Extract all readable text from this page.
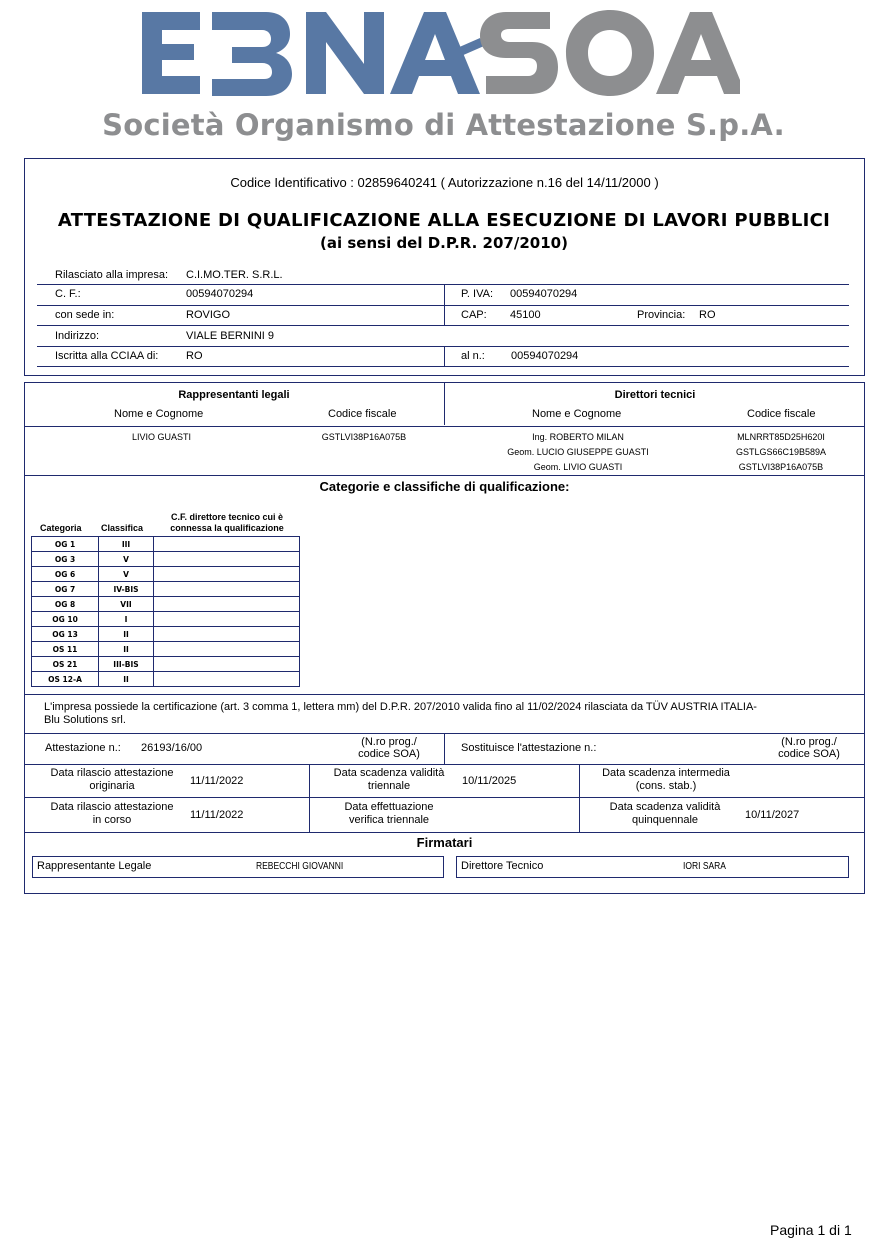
Società Organismo di Attestazione S.p.A.
Codice Identificativo : 02859640241 ( Autorizzazione n.16 del 14/11/2000 )
ATTESTAZIONE DI QUALIFICAZIONE ALLA ESECUZIONE DI LAVORI PUBBLICI
(ai sensi del D.P.R. 207/2010)
Rilasciato alla impresa: C.I.MO.TER. S.R.L.
C. F.:	00594070294	P. IVA: 00594070294
con sede in:	ROVIGO	CAP: 45100	Provincia: RO
Indirizzo:	VIALE BERNINI 9
Iscritta alla CCIAA di:	RO	al n.: 00594070294
Rappresentanti legali	Direttori tecnici
Nome e Cognome	Codice fiscale	Nome e Cognome	Codice fiscale
LIVIO GUASTI	GSTLVI38P16A075B	Ing. ROBERTO MILAN	MLNRRT85D25H620I
Geom. LUCIO GIUSEPPE GUASTI	GSTLGS66C19B589A
Geom. LIVIO GUASTI	GSTLVI38P16A075B
Categorie e classifiche di qualificazione:
Categoria Classifica
C.F. direttore tecnico cui è
connessa la qualificazione
OG 1	III	
OG 3	V	
OG 6	V	
OG 7	IV-BIS	
OG 8	VII	
OG 10	I	
OG 13	II	
OS 11	II	
OS 21	III-BIS	
OS 12-A	II	
L'impresa possiede la certificazione (art. 3 comma 1, lettera mm) del D.P.R. 207/2010 valida fino al 11/02/2024 rilasciata da TÜV AUSTRIA ITALIA-
Blu Solutions srl.
Attestazione n.: 26193/16/00	(N.ro prog./
codice SOA)	Sostituisce l'attestazione n.:	(N.ro prog./
codice SOA)
Data rilascio attestazione
originaria	11/11/2022
Data scadenza validità
triennale	10/11/2025
Data scadenza intermedia
(cons. stab.)
Data rilascio attestazione
in corso	11/11/2022
Data effettuazione
verifica triennale
Data scadenza validità
quinquennale	10/11/2027
Firmatari
Rappresentante Legale	REBECCHI GIOVANNI	Direttore Tecnico	IORI SARA
Pagina 1 di 1
